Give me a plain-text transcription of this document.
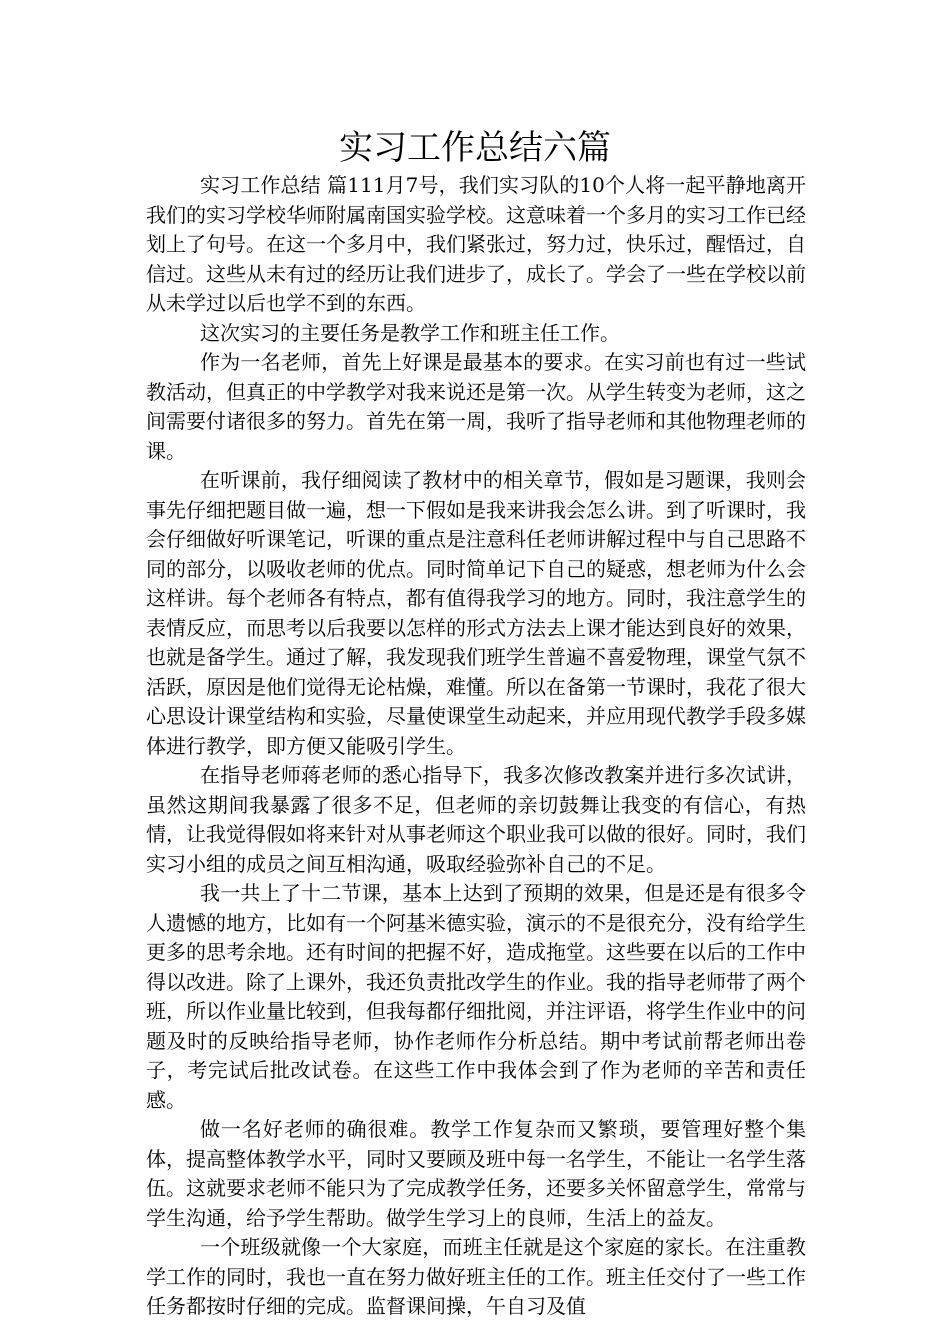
实习工作总结六篇

实习工作总结 篇111月7号，我们实习队的10个人将一起平静地离开我们的实习学校华师附属南国实验学校。这意味着一个多月的实习工作已经划上了句号。在这一个多月中，我们紧张过，努力过，快乐过，醒悟过，自信过。这些从未有过的经历让我们进步了，成长了。学会了一些在学校以前从未学过以后也学不到的东西。

这次实习的主要任务是教学工作和班主任工作。

作为一名老师，首先上好课是最基本的要求。在实习前也有过一些试教活动，但真正的中学教学对我来说还是第一次。从学生转变为老师，这之间需要付诸很多的努力。首先在第一周，我听了指导老师和其他物理老师的课。

在听课前，我仔细阅读了教材中的相关章节，假如是习题课，我则会事先仔细把题目做一遍，想一下假如是我来讲我会怎么讲。到了听课时，我会仔细做好听课笔记，听课的重点是注意科任老师讲解过程中与自己思路不同的部分，以吸收老师的优点。同时简单记下自己的疑惑，想老师为什么会这样讲。每个老师各有特点，都有值得我学习的地方。同时，我注意学生的表情反应，而思考以后我要以怎样的形式方法去上课才能达到良好的效果，也就是备学生。通过了解，我发现我们班学生普遍不喜爱物理，课堂气氛不活跃，原因是他们觉得无论枯燥，难懂。所以在备第一节课时，我花了很大心思设计课堂结构和实验，尽量使课堂生动起来，并应用现代教学手段多媒体进行教学，即方便又能吸引学生。

在指导老师蒋老师的悉心指导下，我多次修改教案并进行多次试讲，虽然这期间我暴露了很多不足，但老师的亲切鼓舞让我变的有信心，有热情，让我觉得假如将来针对从事老师这个职业我可以做的很好。同时，我们实习小组的成员之间互相沟通，吸取经验弥补自己的不足。

我一共上了十二节课，基本上达到了预期的效果，但是还是有很多令人遗憾的地方，比如有一个阿基米德实验，演示的不是很充分，没有给学生更多的思考余地。还有时间的把握不好，造成拖堂。这些要在以后的工作中得以改进。除了上课外，我还负责批改学生的作业。我的指导老师带了两个班，所以作业量比较到，但我每都仔细批阅，并注评语，将学生作业中的问题及时的反映给指导老师，协作老师作分析总结。期中考试前帮老师出卷子，考完试后批改试卷。在这些工作中我体会到了作为老师的辛苦和责任感。

做一名好老师的确很难。教学工作复杂而又繁琐，要管理好整个集体，提高整体教学水平，同时又要顾及班中每一名学生，不能让一名学生落伍。这就要求老师不能只为了完成教学任务，还要多关怀留意学生，常常与学生沟通，给予学生帮助。做学生学习上的良师，生活上的益友。

一个班级就像一个大家庭，而班主任就是这个家庭的家长。在注重教学工作的同时，我也一直在努力做好班主任的工作。班主任交付了一些工作任务都按时仔细的完成。监督课间操，午自习及值
